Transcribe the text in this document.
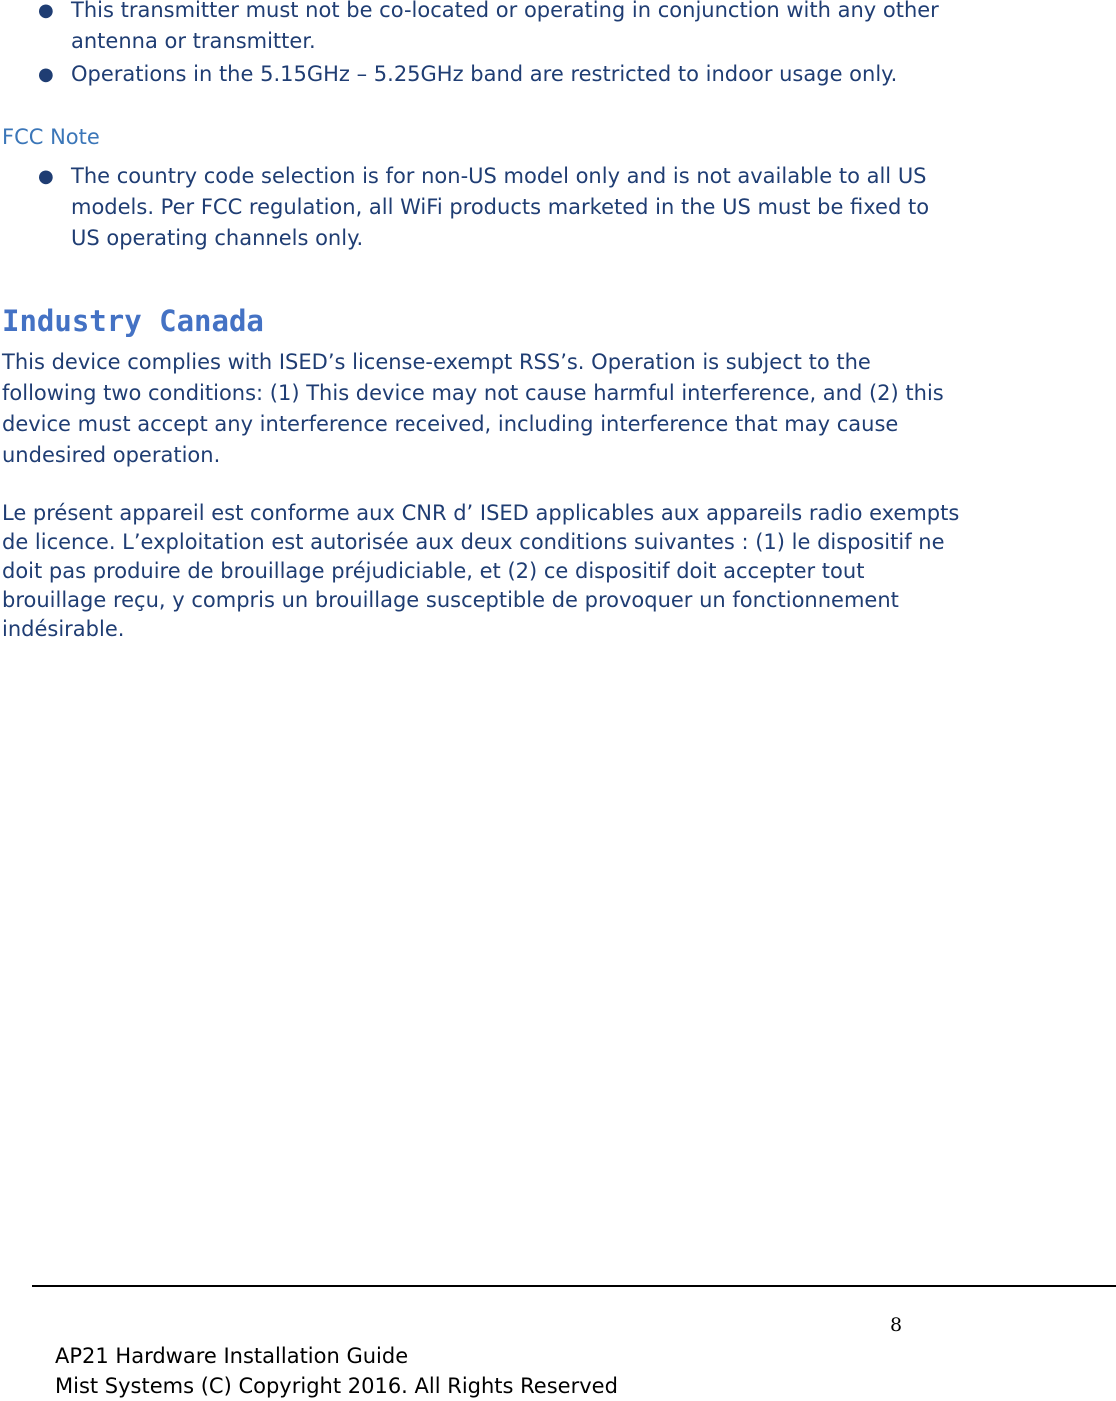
● This transmitter must not be co-located or operating in conjunction with any other antenna or transmitter.
● Operations in the 5.15GHz – 5.25GHz band are restricted to indoor usage only.

FCC Note

● The country code selection is for non-US model only and is not available to all US models. Per FCC regulation, all WiFi products marketed in the US must be fixed to US operating channels only.
Industry Canada

This device complies with ISED’s license-exempt RSS’s. Operation is subject to the following two conditions: (1) This device may not cause harmful interference, and (2) this device must accept any interference received, including interference that may cause undesired operation.

Le présent appareil est conforme aux CNR d’ ISED applicables aux appareils radio exempts de licence. L’exploitation est autorisée aux deux conditions suivantes : (1) le dispositif ne doit pas produire de brouillage préjudiciable, et (2) ce dispositif doit accepter tout brouillage reçu, y compris un brouillage susceptible de provoquer un fonctionnement indésirable.

8
AP21 Hardware Installation Guide
Mist Systems (C) Copyright 2016. All Rights Reserved
